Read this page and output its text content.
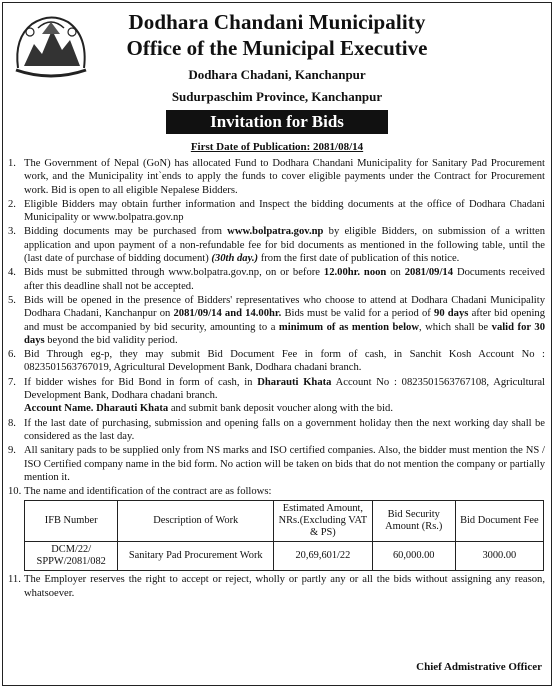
Dodhara Chandani Municipality
Office of the Municipal Executive
Dodhara Chadani, Kanchanpur
Sudurpaschim Province, Kanchanpur
Invitation for Bids
First Date of Publication: 2081/08/14
1. The Government of Nepal (GoN) has allocated Fund to Dodhara Chandani Municipality for Sanitary Pad Procurement work, and the Municipality int`ends to apply the funds to cover eligible payments under the Contract for Procurement work. Bid is open to all eligible Nepalese Bidders.
2. Eligible Bidders may obtain further information and Inspect the bidding documents at the office of Dodhara Chadani Municipality or www.bolpatra.gov.np
3. Bidding documents may be purchased from www.bolpatra.gov.np by eligible Bidders, on submission of a written application and upon payment of a non-refundable fee for bid documents as mentioned in the following table, until the (last date of purchase of bidding document) (30th day.) from the first date of publication of this notice.
4. Bids must be submitted through www.bolpatra.gov.np, on or before 12.00hr. noon on 2081/09/14 Documents received after this deadline shall not be accepted.
5. Bids will be opened in the presence of Bidders' representatives who choose to attend at Dodhara Chadani Municipality Dodhara Chadani, Kanchanpur on 2081/09/14 and 14.00hr. Bids must be valid for a period of 90 days after bid opening and must be accompanied by bid security, amounting to a minimum of as mention below, which shall be valid for 30 days beyond the bid validity period.
6. Bid Through eg-p, they may submit Bid Document Fee in form of cash, in Sanchit Kosh Account No : 0823501563767019, Agricultural Development Bank, Dodhara chadani branch.
7. If bidder wishes for Bid Bond in form of cash, in Dharauti Khata Account No : 0823501563767108, Agricultural Development Bank, Dodhara chadani branch.
Account Name. Dharauti Khata and submit bank deposit voucher along with the bid.
8. If the last date of purchasing, submission and opening falls on a government holiday then the next working day shall be considered as the last day.
9. All sanitary pads to be supplied only from NS marks and ISO certified companies. Also, the bidder must mention the NS / ISO Certified company name in the bid form. No action will be taken on bids that do not mention the company or partially mention it.
10. The name and identification of the contract are as follows:
IFB Number	Description of Work	Estimated Amount, NRs.(Excluding VAT & PS)	Bid Security Amount (Rs.)	Bid Document Fee
DCM/22/ SPPW/2081/082	Sanitary Pad Procurement Work	20,69,601/22	60,000.00	3000.00
11. The Employer reserves the right to accept or reject, wholly or partly any or all the bids without assigning any reason, whatsoever.
Chief Admistrative Officer
